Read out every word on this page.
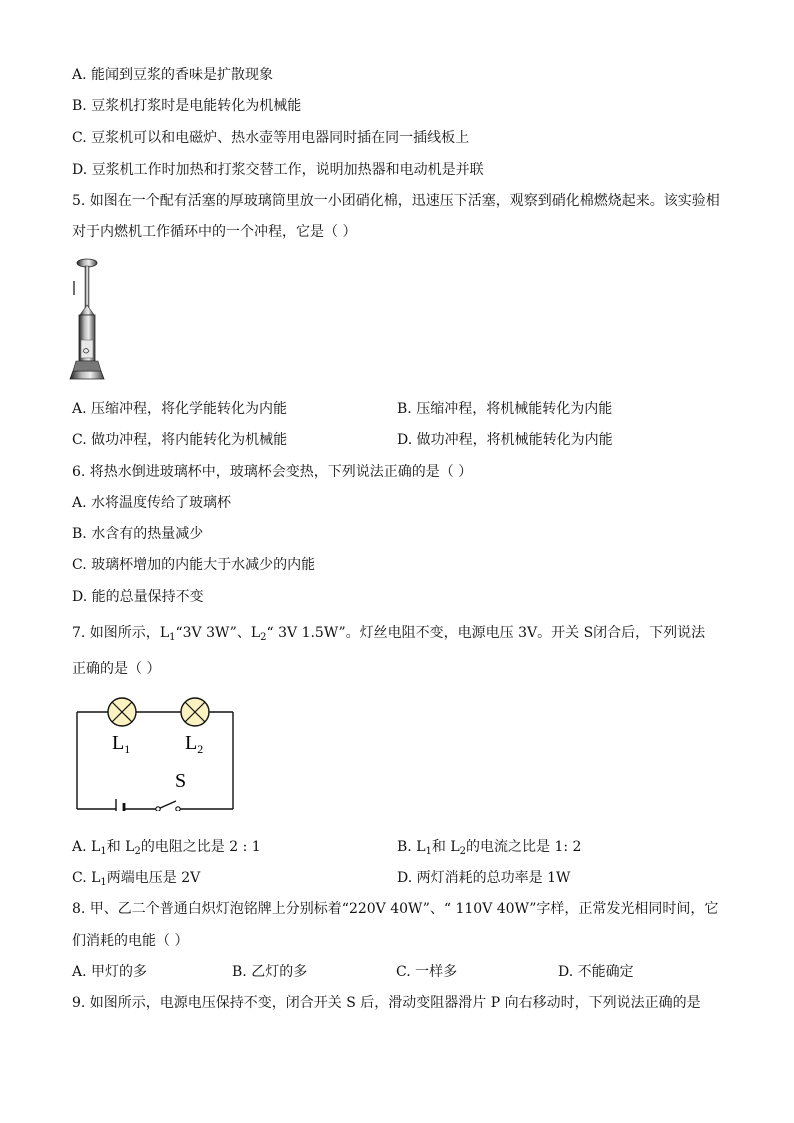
A. 能闻到豆浆的香味是扩散现象
B. 豆浆机打浆时是电能转化为机械能
C. 豆浆机可以和电磁炉、热水壶等用电器同时插在同一插线板上
D. 豆浆机工作时加热和打浆交替工作，说明加热器和电动机是并联
5. 如图在一个配有活塞的厚玻璃筒里放一小团硝化棉，迅速压下活塞，观察到硝化棉燃烧起来。该实验相
对于内燃机工作循环中的一个冲程，它是（ ）
A. 压缩冲程，将化学能转化为内能	B. 压缩冲程，将机械能转化为内能
C. 做功冲程，将内能转化为机械能	D. 做功冲程，将机械能转化为内能
6. 将热水倒进玻璃杯中，玻璃杯会变热，下列说法正确的是（ ）
A. 水将温度传给了玻璃杯
B. 水含有的热量减少
C. 玻璃杯增加的内能大于水减少的内能
D. 能的总量保持不变
7. 如图所示，$L_1“3V$ 3W”、$L_2“$ 3V 1.5W”。灯丝电阻不变，电源电压 3V。开关 S闭合后，下列说法
正确的是（ ）
$L_1$	$L_2$
S
A. $L_1$和 $L_2$的电阻之比是 2 : 1	B. $L_1$和 $L_2$的电流之比是 1: 2
C. $L_1$两端电压是 2V	D. 两灯消耗的总功率是 1W
8. 甲、乙二个普通白炽灯泡铭牌上分别标着“220V 40W”、“ 110V 40W”字样，正常发光相同时间，它
们消耗的电能（ ）
A. 甲灯的多	B. 乙灯的多	C. 一样多	D. 不能确定
9. 如图所示，电源电压保持不变，闭合开关 S 后，滑动变阻器滑片 P 向右移动时，下列说法正确的是
